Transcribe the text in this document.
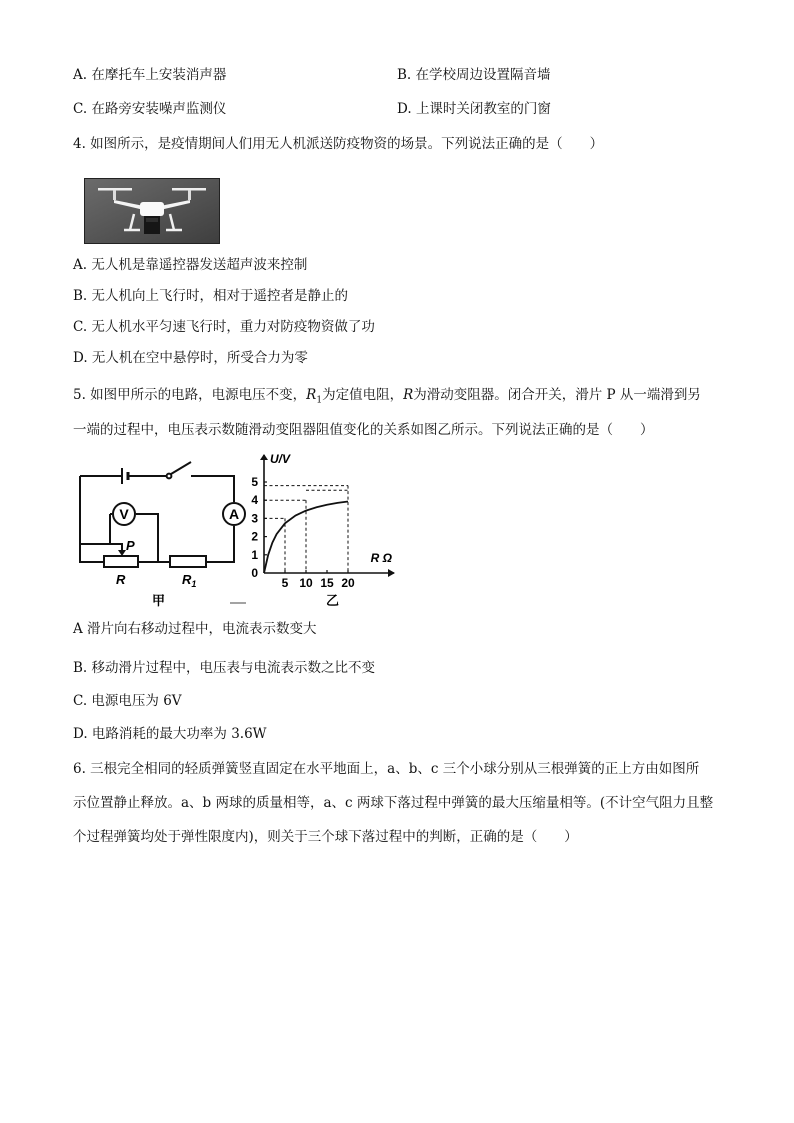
A. 在摩托车上安装消声器	B. 在学校周边设置隔音墙
C. 在路旁安装噪声监测仪	D. 上课时关闭教室的门窗
4. 如图所示，是疫情期间人们用无人机派送防疫物资的场景。下列说法正确的是（　　）
A. 无人机是靠遥控器发送超声波来控制
B. 无人机向上飞行时，相对于遥控者是静止的
C. 无人机水平匀速飞行时，重力对防疫物资做了功
D. 无人机在空中悬停时，所受合力为零
5. 如图甲所示的电路，电源电压不变，$R_1$为定值电阻，R为滑动变阻器。闭合开关，滑片 P 从一端滑到另
一端的过程中，电压表示数随滑动变阻器阻值变化的关系如图乙所示。下列说法正确的是（　　）
V	A
P
R	$R_1$
甲
5 10 15 20
1
2
3
4
5
U/V
R Ω
0
乙
A 滑片向右移动过程中，电流表示数变大
B. 移动滑片过程中，电压表与电流表示数之比不变
C. 电源电压为 6V
D. 电路消耗的最大功率为 3.6W
6. 三根完全相同的轻质弹簧竖直固定在水平地面上，a、b、c 三个小球分别从三根弹簧的正上方由如图所
示位置静止释放。a、b 两球的质量相等，a、c 两球下落过程中弹簧的最大压缩量相等。(不计空气阻力且整
个过程弹簧均处于弹性限度内)，则关于三个球下落过程中的判断，正确的是（　　）
